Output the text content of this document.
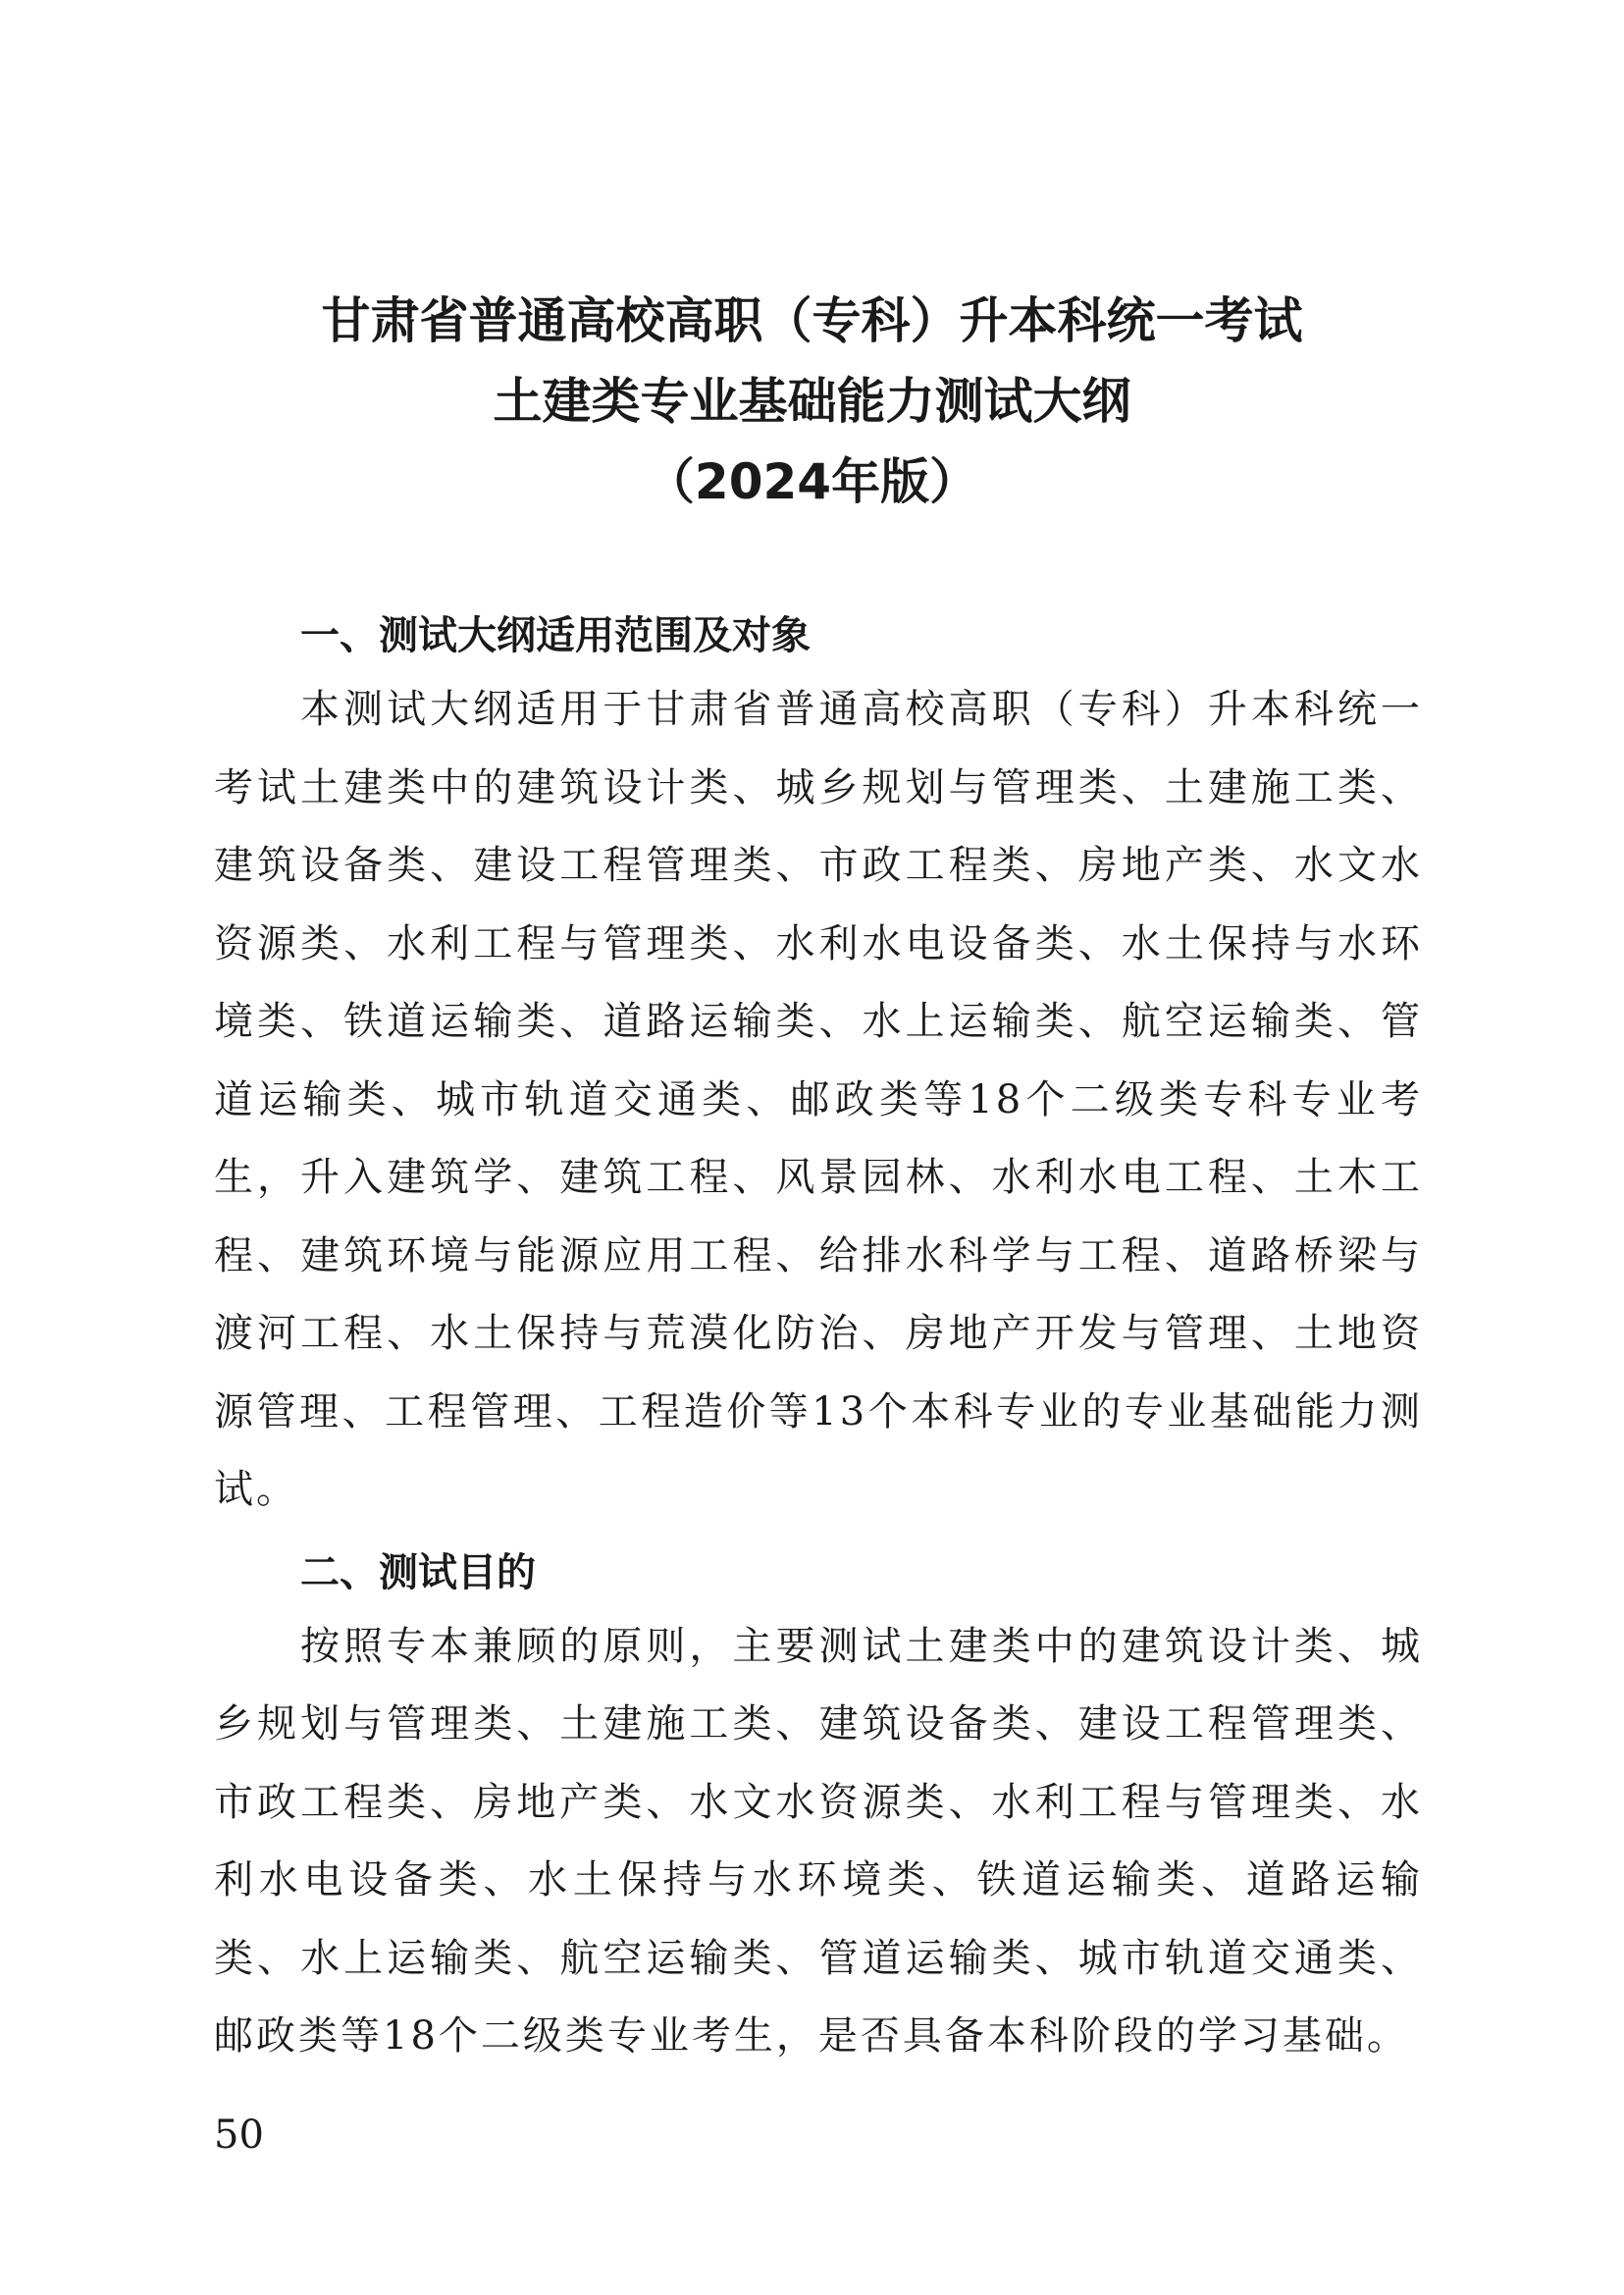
甘肃省普通高校高职（专科）升本科统一考试
土建类专业基础能力测试大纲
（2024年版）
一、测试大纲适用范围及对象

本测试大纲适用于甘肃省普通高校高职（专科）升本科统一考试土建类中的建筑设计类、城乡规划与管理类、土建施工类、建筑设备类、建设工程管理类、市政工程类、房地产类、水文水资源类、水利工程与管理类、水利水电设备类、水土保持与水环境类、铁道运输类、道路运输类、水上运输类、航空运输类、管道运输类、城市轨道交通类、邮政类等18个二级类专科专业考生，升入建筑学、建筑工程、风景园林、水利水电工程、土木工程、建筑环境与能源应用工程、给排水科学与工程、道路桥梁与渡河工程、水土保持与荒漠化防治、房地产开发与管理、土地资源管理、工程管理、工程造价等13个本科专业的专业基础能力测试。

二、测试目的

按照专本兼顾的原则，主要测试土建类中的建筑设计类、城乡规划与管理类、土建施工类、建筑设备类、建设工程管理类、市政工程类、房地产类、水文水资源类、水利工程与管理类、水利水电设备类、水土保持与水环境类、铁道运输类、道路运输类、水上运输类、航空运输类、管道运输类、城市轨道交通类、邮政类等18个二级类专业考生，是否具备本科阶段的学习基础。

50
